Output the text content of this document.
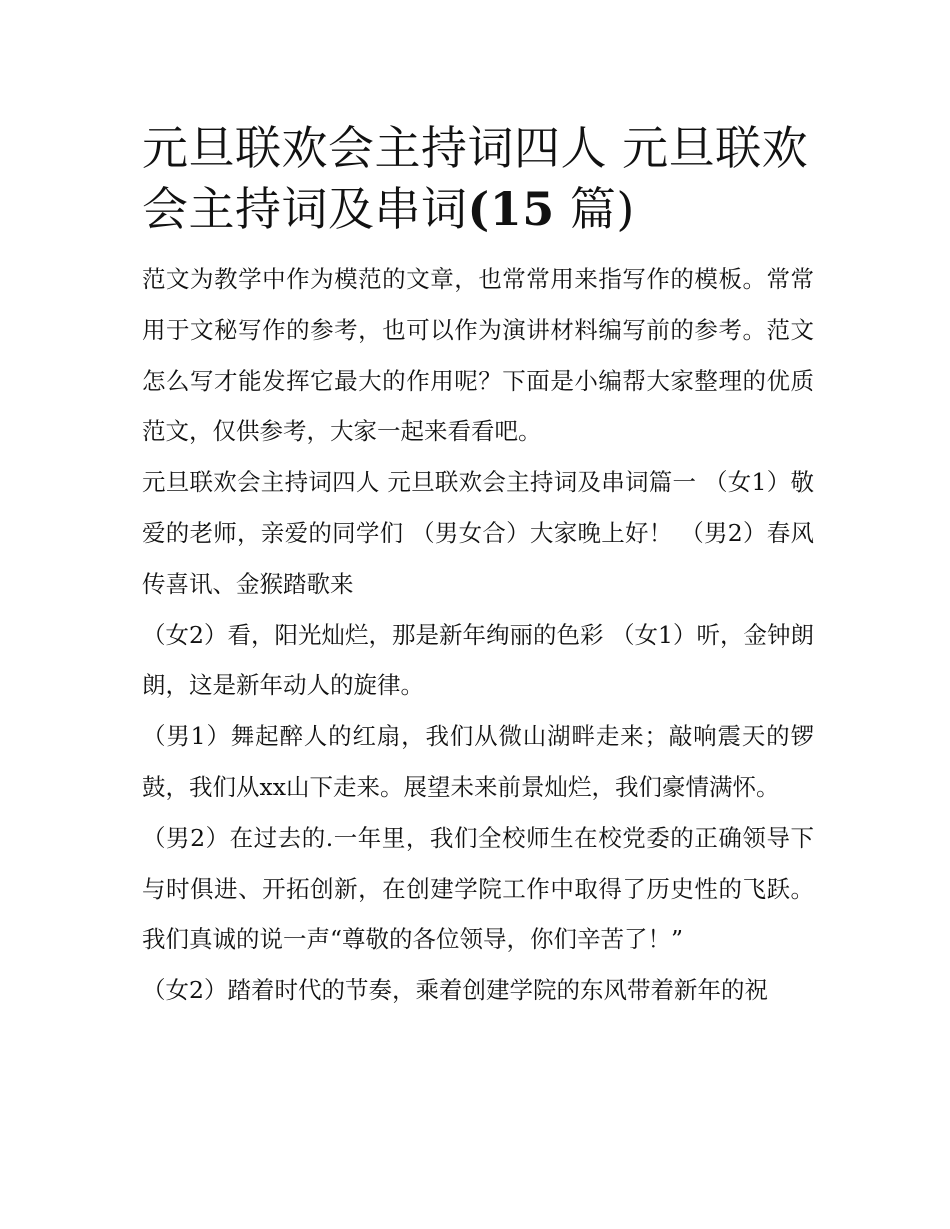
元旦联欢会主持词四人 元旦联欢会主持词及串词(15 篇)

范文为教学中作为模范的文章，也常常用来指写作的模板。常常用于文秘写作的参考，也可以作为演讲材料编写前的参考。范文怎么写才能发挥它最大的作用呢？下面是小编帮大家整理的优质范文，仅供参考，大家一起来看看吧。

元旦联欢会主持词四人 元旦联欢会主持词及串词篇一 （女1）敬爱的老师，亲爱的同学们 （男女合）大家晚上好！ （男2）春风传喜讯、金猴踏歌来

（女2）看，阳光灿烂，那是新年绚丽的色彩 （女1）听，金钟朗朗，这是新年动人的旋律。

（男1）舞起醉人的红扇，我们从微山湖畔走来；敲响震天的锣鼓，我们从xx山下走来。展望未来前景灿烂，我们豪情满怀。

（男2）在过去的.一年里，我们全校师生在校党委的正确领导下与时俱进、开拓创新，在创建学院工作中取得了历史性的飞跃。我们真诚的说一声“尊敬的各位领导，你们辛苦了！”

（女2）踏着时代的节奏，乘着创建学院的东风带着新年的祝
